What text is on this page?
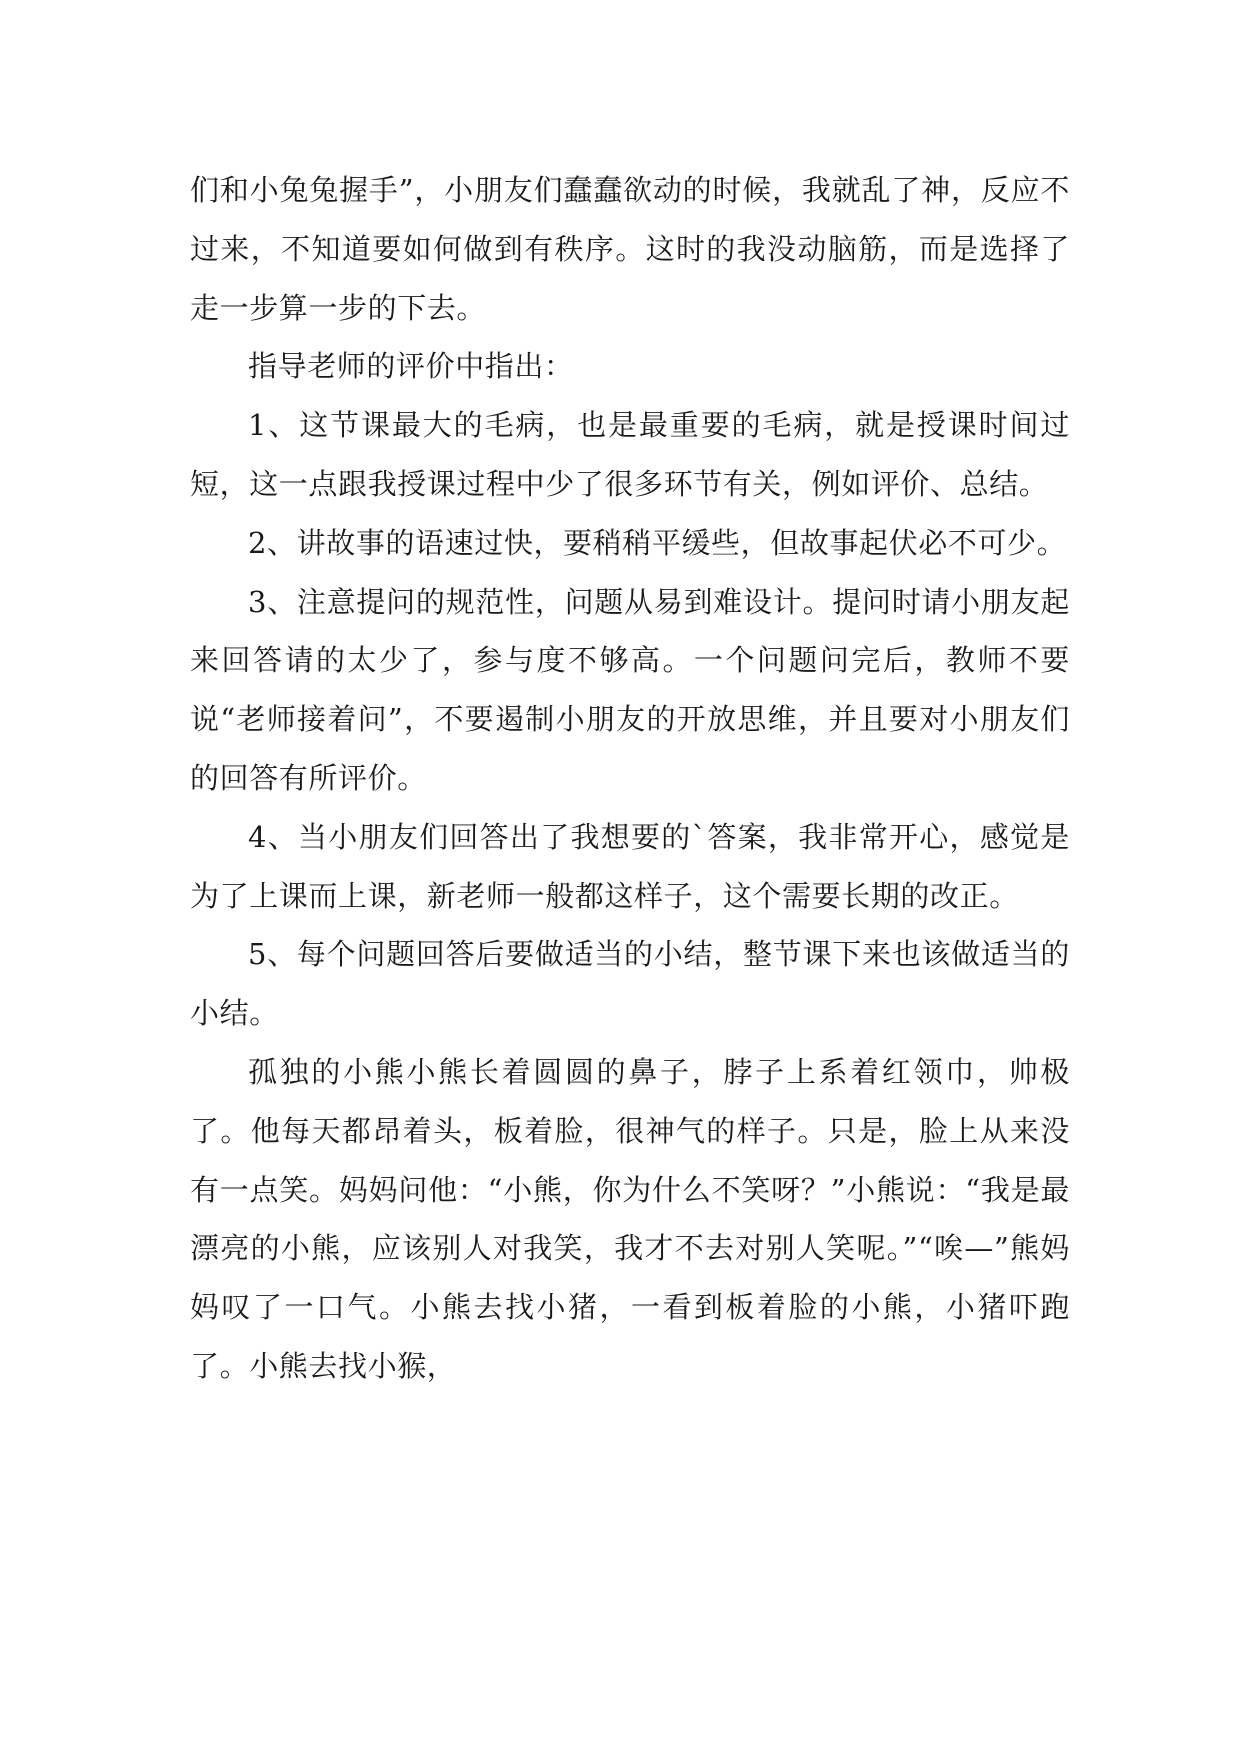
们和小兔兔握手”，小朋友们蠢蠢欲动的时候，我就乱了神，反应不过来，不知道要如何做到有秩序。这时的我没动脑筋，而是选择了走一步算一步的下去。

指导老师的评价中指出：

1、这节课最大的毛病，也是最重要的毛病，就是授课时间过短，这一点跟我授课过程中少了很多环节有关，例如评价、总结。

2、讲故事的语速过快，要稍稍平缓些，但故事起伏必不可少。

3、注意提问的规范性，问题从易到难设计。提问时请小朋友起来回答请的太少了，参与度不够高。一个问题问完后，教师不要说“老师接着问”，不要遏制小朋友的开放思维，并且要对小朋友们的回答有所评价。

4、当小朋友们回答出了我想要的`答案，我非常开心，感觉是为了上课而上课，新老师一般都这样子，这个需要长期的改正。

5、每个问题回答后要做适当的小结，整节课下来也该做适当的小结。

孤独的小熊小熊长着圆圆的鼻子，脖子上系着红领巾，帅极了。他每天都昂着头，板着脸，很神气的样子。只是，脸上从来没有一点笑。妈妈问他：“小熊，你为什么不笑呀？”小熊说：“我是最漂亮的小熊，应该别人对我笑，我才不去对别人笑呢。”“唉—”熊妈妈叹了一口气。小熊去找小猪，一看到板着脸的小熊，小猪吓跑了。小熊去找小猴，
